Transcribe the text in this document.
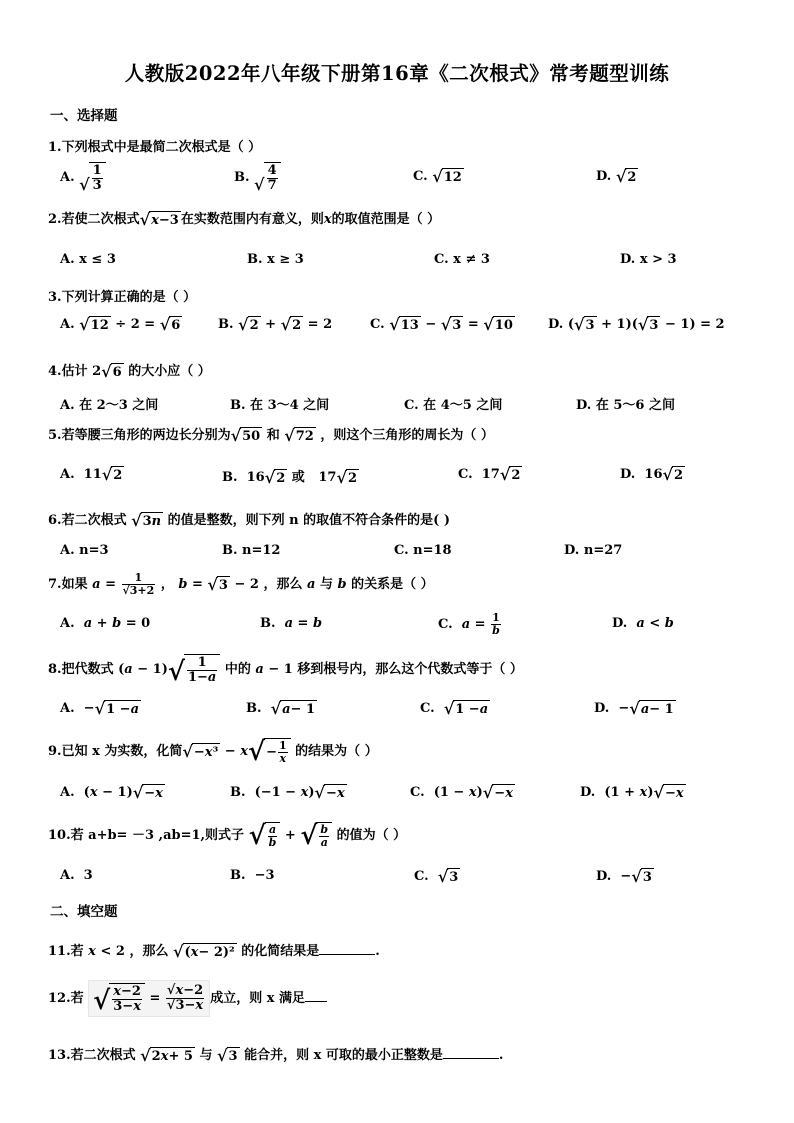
人教版2022年八年级下册第16章《二次根式》常考题型训练
一、选择题
1.下列根式中是最简二次根式是（ ）
A. √ $\frac{1}{3}$	B. √ $\frac{4}{7}$	C. √ 12	D. √ 2
2.若使二次根式 √ x −3 在实数范围内有意义，则x的取值范围是（ ）
A. x ≤ 3	B. x ≥ 3	C. x ≠ 3	D. x > 3
3.下列计算正确的是（ ）
A. √ 12 ÷ 2 = √ 6	B. √ 2 + √ 2 = 2	C. √ 13 − √ 3 = √ 10	D. ( √ 3 + 1)( √ 3 − 1) = 2
4.估计 2 √ 6 的大小应（ ）
A. 在 2～3 之间	B. 在 3～4 之间	C. 在 4～5 之间	D. 在 5～6 之间
5.若等腰三角形的两边长分别为 √ 50 和 √ 72 ，则这个三角形的周长为（ ）
A.  11 √ 2	B.  16 √ 2 或   17 √ 2	C.  17 √ 2	D.  16 √ 2
6.若二次根式 √ 3 n 的值是整数，则下列 n 的取值不符合条件的是( )
A. n=3	B. n=12	C. n=18	D. n=27
7.如果 $a = \frac{1}{√3+2}$ ， b = √ 3 − 2 ，那么 a 与 b 的关系是（ ）
A. a + b = 0	B. a = b	C. $a = \frac{1}{b}$	D. a < b
8.把代数式 (a − 1) √ $\frac{1}{1-a}$ 中的 a − 1 移到根号内，那么这个代数式等于（ ）
A.  − √ 1 − a	B. √ a − 1	C. √ 1 − a	D.  − √ a − 1
9.已知 x 为实数，化简 √ − x ³ − x √ − $\frac{1}{x}$ 的结果为（ ）
A.  (x − 1) √ − x	B.  (−1 − x) √ − x	C.  (1 − x) √ − x	D.  (1 + x) √ − x
10.若 a+b= －3 ,ab=1,则式子 √ $\frac{a}{b}$ + √ $\frac{b}{a}$ 的值为（ ）
A.  3	B.  −3	C. √ 3	D.  − √ 3
二、填空题
11.若 x < 2 ，那么 √ ( x − 2)² 的化简结果是	.
12.若 √ $\frac{x-2}{3-x} = \frac{√x-2}{√3-x}$ 成立，则 x 满足
13.若二次根式 √ 2 x + 5 与 √ 3 能合并，则 x 可取的最小正整数是	.
